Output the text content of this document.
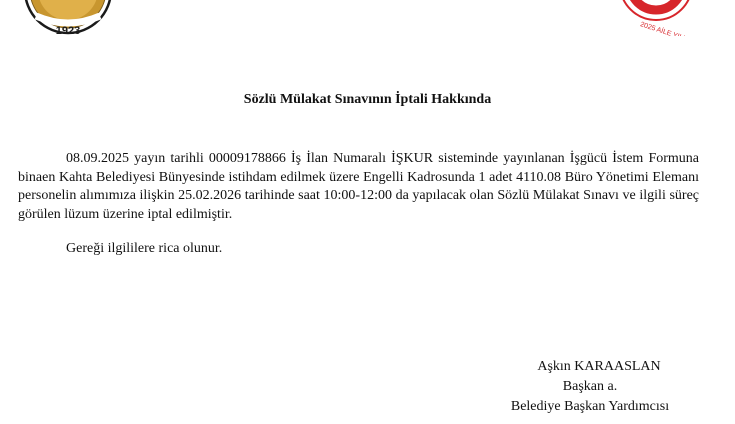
1923	2025 AİLE YILI
Sözlü Mülakat Sınavının İptali Hakkında

08.09.2025 yayın tarihli 00009178866 İş İlan Numaralı İŞKUR sisteminde yayınlanan İşgücü İstem Formuna binaen Kahta Belediyesi Bünyesinde istihdam edilmek üzere Engelli Kadrosunda 1 adet 4110.08 Büro Yönetimi Elemanı personelin alımımıza ilişkin 25.02.2026 tarihinde saat 10:00-12:00 da yapılacak olan Sözlü Mülakat Sınavı ve ilgili süreç görülen lüzum üzerine iptal edilmiştir.

Gereği ilgililere rica olunur.
Aşkın KARAASLAN
Başkan a.
Belediye Başkan Yardımcısı
